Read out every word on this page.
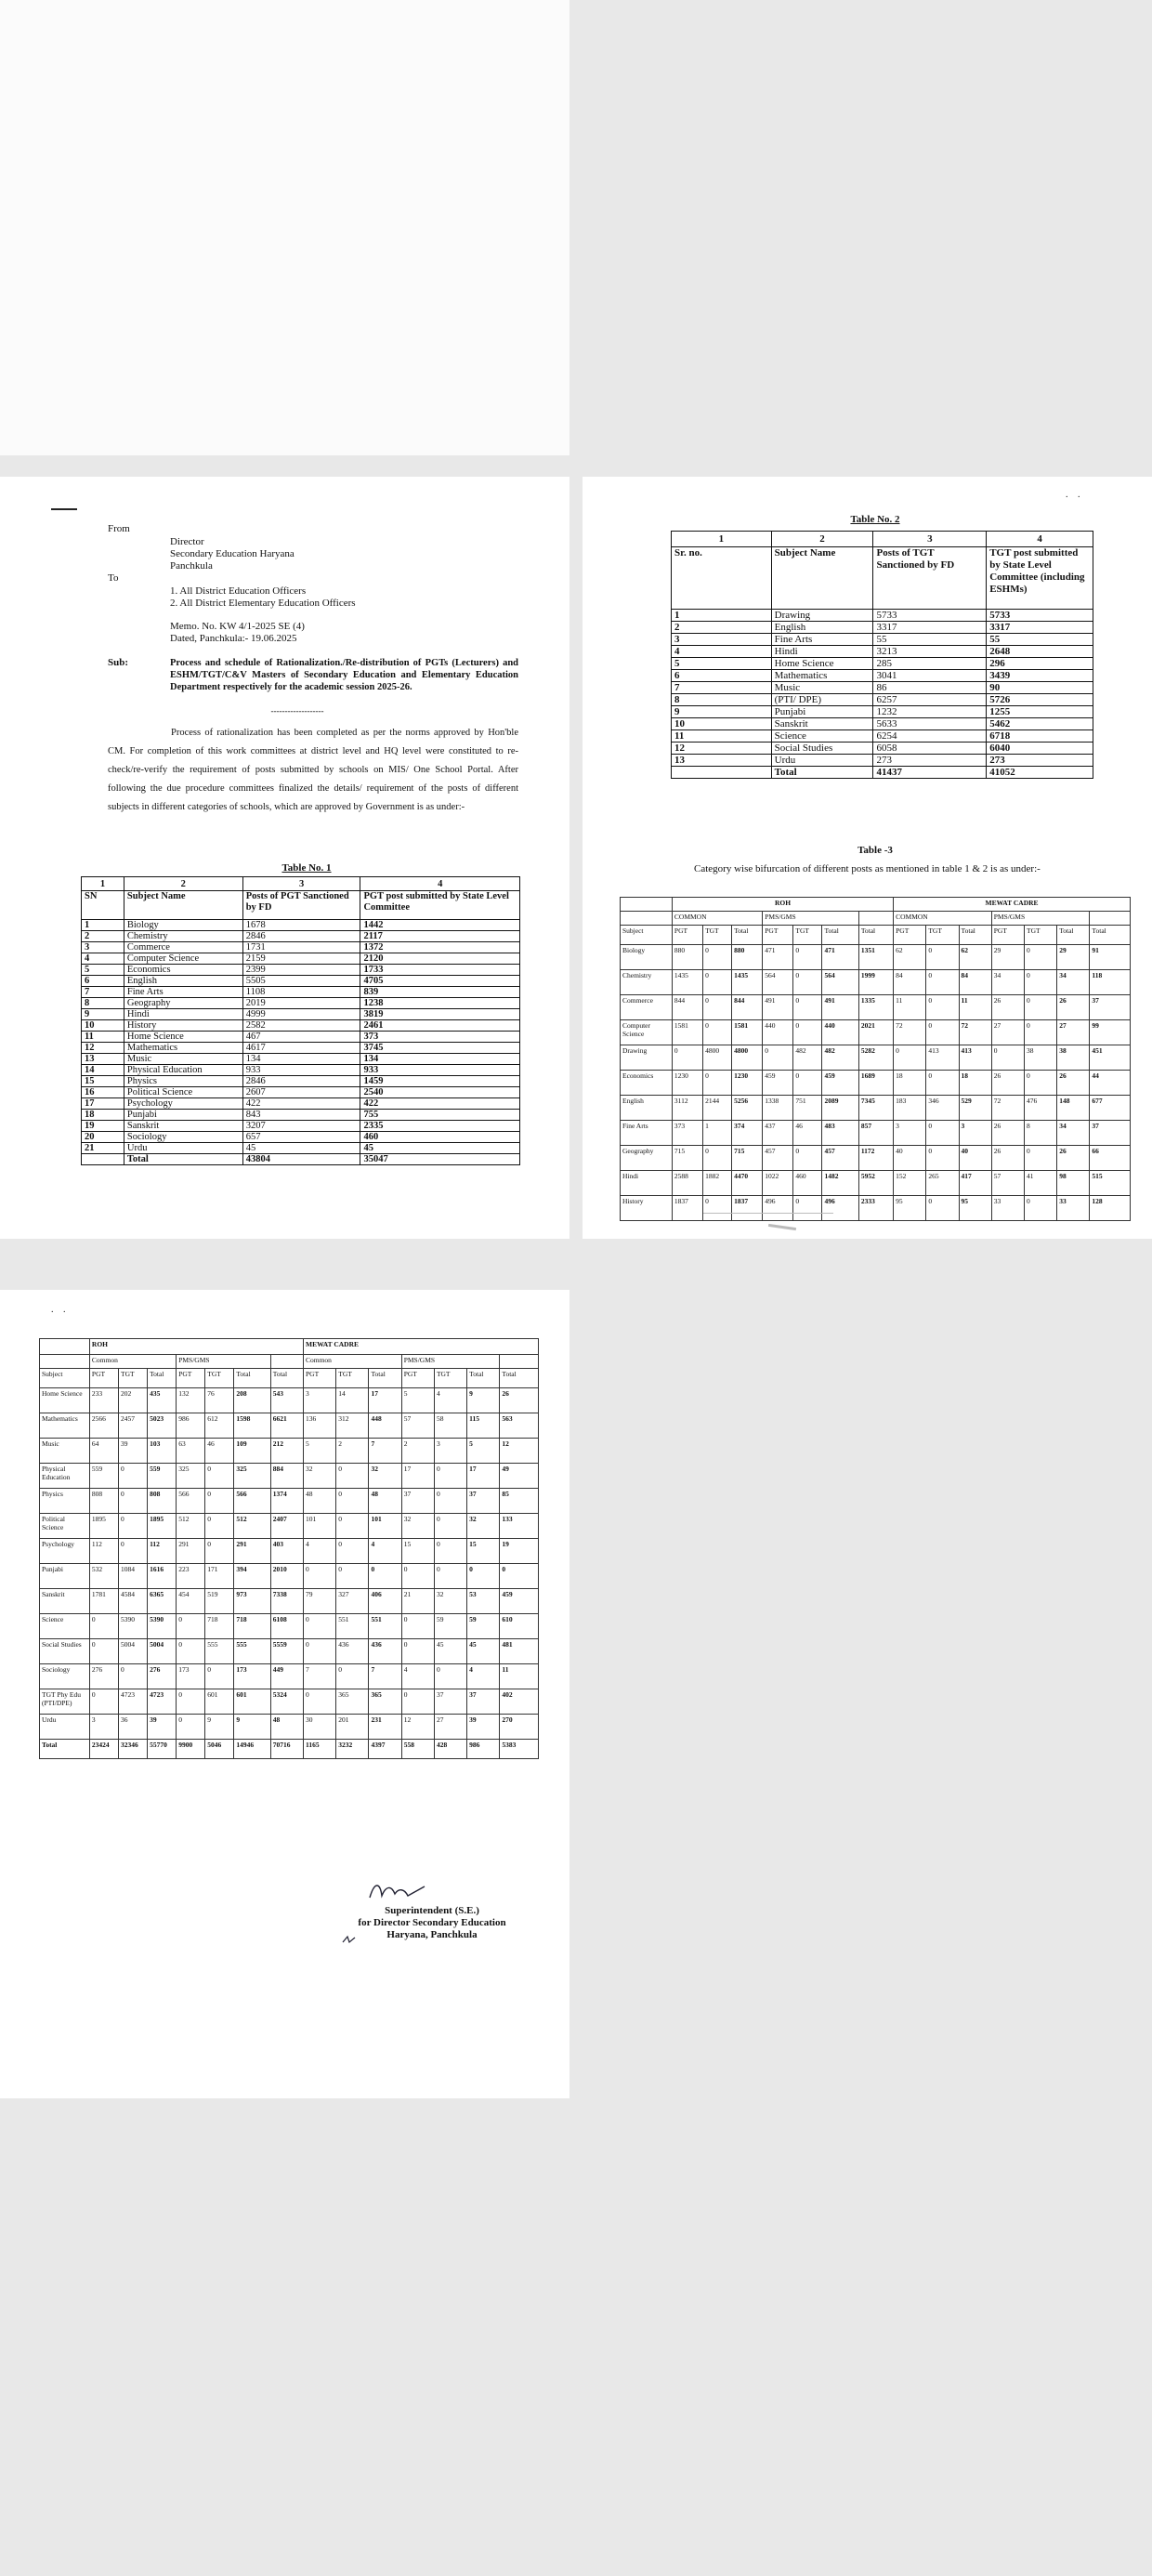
From
Director
Secondary Education Haryana
Panchkula
To
1. All District Education Officers
2. All District Elementary Education Officers
Memo. No. KW 4/1-2025 SE (4)
Dated, Panchkula:- 19.06.2025
Sub:	Process and schedule of Rationalization./Re-distribution of PGTs (Lecturers) and ESHM/TGT/C&V Masters of Secondary Education and Elementary Education Department respectively for the academic session 2025-26.
-------------------

Process of rationalization has been completed as per the norms approved by Hon'ble CM. For completion of this work committees at district level and HQ level were constituted to re-check/re-verify the requirement of posts submitted by schools on MIS/ One School Portal. After following the due procedure committees finalized the details/ requirement of the posts of different subjects in different categories of schools, which are approved by Government is as under:-

Table No. 1
1	2	3	4
SN	Subject Name	Posts of PGT Sanctioned by FD	PGT post submitted by State Level Committee
1	Biology	1678	1442
2	Chemistry	2846	2117
3	Commerce	1731	1372
4	Computer Science	2159	2120
5	Economics	2399	1733
6	English	5505	4705
7	Fine Arts	1108	839
8	Geography	2019	1238
9	Hindi	4999	3819
10	History	2582	2461
11	Home Science	467	373
12	Mathematics	4617	3745
13	Music	134	134
14	Physical Education	933	933
15	Physics	2846	1459
16	Political Science	2607	2540
17	Psychology	422	422
18	Punjabi	843	755
19	Sanskrit	3207	2335
20	Sociology	657	460
21	Urdu	45	45
	Total	43804	35047
. .
Table No. 2
1	2	3	4
Sr. no.	Subject Name	Posts of TGT Sanctioned by FD	TGT post submitted by State Level Committee (including ESHMs)
1	Drawing	5733	5733
2	English	3317	3317
3	Fine Arts	55	55
4	Hindi	3213	2648
5	Home Science	285	296
6	Mathematics	3041	3439
7	Music	86	90
8	(PTI/ DPE)	6257	5726
9	Punjabi	1232	1255
10	Sanskrit	5633	5462
11	Science	6254	6718
12	Social Studies	6058	6040
13	Urdu	273	273
	Total	41437	41052
Table -3
Category wise bifurcation of different posts as mentioned in table 1 & 2 is as under:-
	ROH							MEWAT CADRE						
	COMMON			PMS/GMS				COMMON			PMS/GMS			
Subject	PGT	TGT	Total	PGT	TGT	Total	Total	PGT	TGT	Total	PGT	TGT	Total	Total
Biology	880	0	880	471	0	471	1351	62	0	62	29	0	29	91
Chemistry	1435	0	1435	564	0	564	1999	84	0	84	34	0	34	118
Commerce	844	0	844	491	0	491	1335	11	0	11	26	0	26	37
Computer Science	1581	0	1581	440	0	440	2021	72	0	72	27	0	27	99
Drawing	0	4800	4800	0	482	482	5282	0	413	413	0	38	38	451
Economics	1230	0	1230	459	0	459	1689	18	0	18	26	0	26	44
English	3112	2144	5256	1338	751	2089	7345	183	346	529	72	476	148	677
Fine Arts	373	1	374	437	46	483	857	3	0	3	26	8	34	37
Geography	715	0	715	457	0	457	1172	40	0	40	26	0	26	66
Hindi	2588	1882	4470	1022	460	1482	5952	152	265	417	57	41	98	515
History	1837	0	1837	496	0	496	2333	95	0	95	33	0	33	128
. .
	ROH							MEWAT CADRE						
	Common			PMS/GMS				Common			PMS/GMS			
Subject	PGT	TGT	Total	PGT	TGT	Total	Total	PGT	TGT	Total	PGT	TGT	Total	Total
Home Science	233	202	435	132	76	208	543	3	14	17	5	4	9	26
Mathematics	2566	2457	5023	986	612	1598	6621	136	312	448	57	58	115	563
Music	64	39	103	63	46	109	212	5	2	7	2	3	5	12
Physical Education	559	0	559	325	0	325	884	32	0	32	17	0	17	49
Physics	808	0	808	566	0	566	1374	48	0	48	37	0	37	85
Political Science	1895	0	1895	512	0	512	2407	101	0	101	32	0	32	133
Psychology	112	0	112	291	0	291	403	4	0	4	15	0	15	19
Punjabi	532	1084	1616	223	171	394	2010	0	0	0	0	0	0	0
Sanskrit	1781	4584	6365	454	519	973	7338	79	327	406	21	32	53	459
Science	0	5390	5390	0	718	718	6108	0	551	551	0	59	59	610
Social Studies	0	5004	5004	0	555	555	5559	0	436	436	0	45	45	481
Sociology	276	0	276	173	0	173	449	7	0	7	4	0	4	11
TGT Phy Edu (PTI/DPE)	0	4723	4723	0	601	601	5324	0	365	365	0	37	37	402
Urdu	3	36	39	0	9	9	48	30	201	231	12	27	39	270
Total	23424	32346	55770	9900	5046	14946	70716	1165	3232	4397	558	428	986	5383
Superintendent (S.E.)
for Director Secondary Education
Haryana, Panchkula
